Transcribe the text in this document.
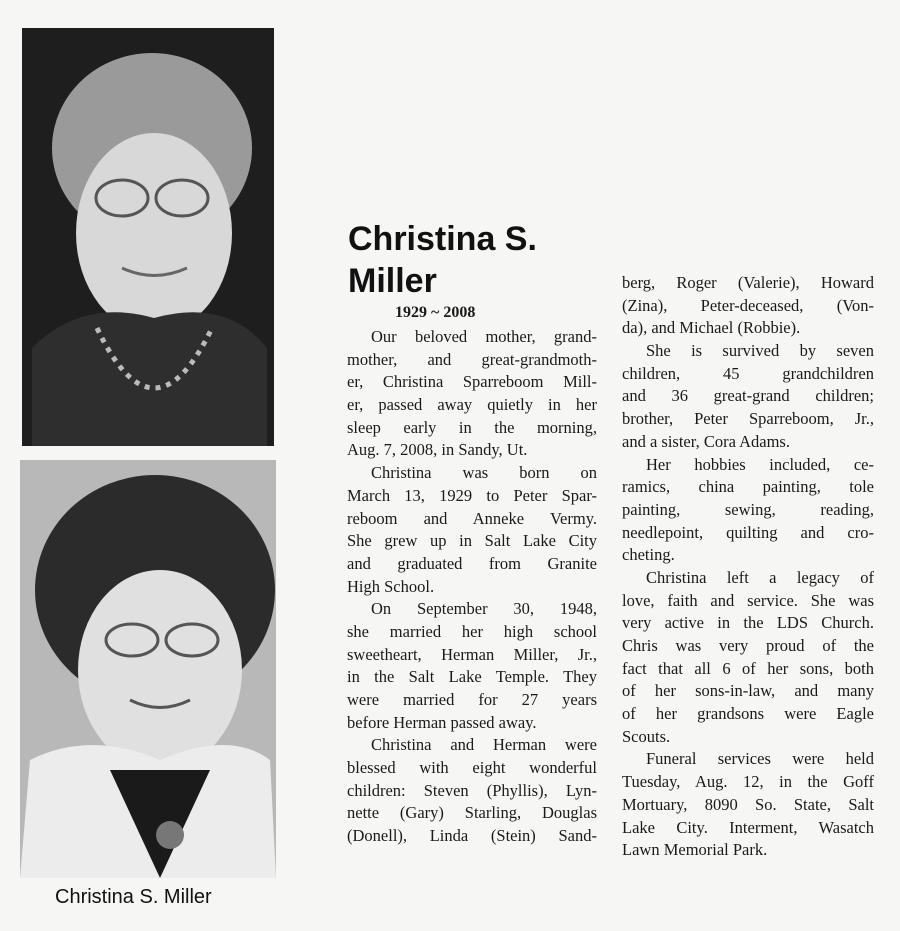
Christina S. Miller
Christina S.
Miller
1929 ~ 2008
Our beloved mother, grand-
mother, and great-grandmoth-
er, Christina Sparreboom Mill-
er, passed away quietly in her
sleep early in the morning,
Aug. 7, 2008, in Sandy, Ut.
Christina was born on
March 13, 1929 to Peter Spar-
reboom and Anneke Vermy.
She grew up in Salt Lake City
and graduated from Granite
High School.
On September 30, 1948,
she married her high school
sweetheart, Herman Miller, Jr.,
in the Salt Lake Temple. They
were married for 27 years
before Herman passed away.
Christina and Herman were
blessed with eight wonderful
children: Steven (Phyllis), Lyn-
nette (Gary) Starling, Douglas
(Donell), Linda (Stein) Sand-
berg, Roger (Valerie), Howard
(Zina), Peter-deceased, (Von-
da), and Michael (Robbie).
She is survived by seven
children, 45 grandchildren
and 36 great-grand children;
brother, Peter Sparreboom, Jr.,
and a sister, Cora Adams.
Her hobbies included, ce-
ramics, china painting, tole
painting, sewing, reading,
needlepoint, quilting and cro-
cheting.
Christina left a legacy of
love, faith and service. She was
very active in the LDS Church.
Chris was very proud of the
fact that all 6 of her sons, both
of her sons-in-law, and many
of her grandsons were Eagle
Scouts.
Funeral services were held
Tuesday, Aug. 12, in the Goff
Mortuary, 8090 So. State, Salt
Lake City. Interment, Wasatch
Lawn Memorial Park.
